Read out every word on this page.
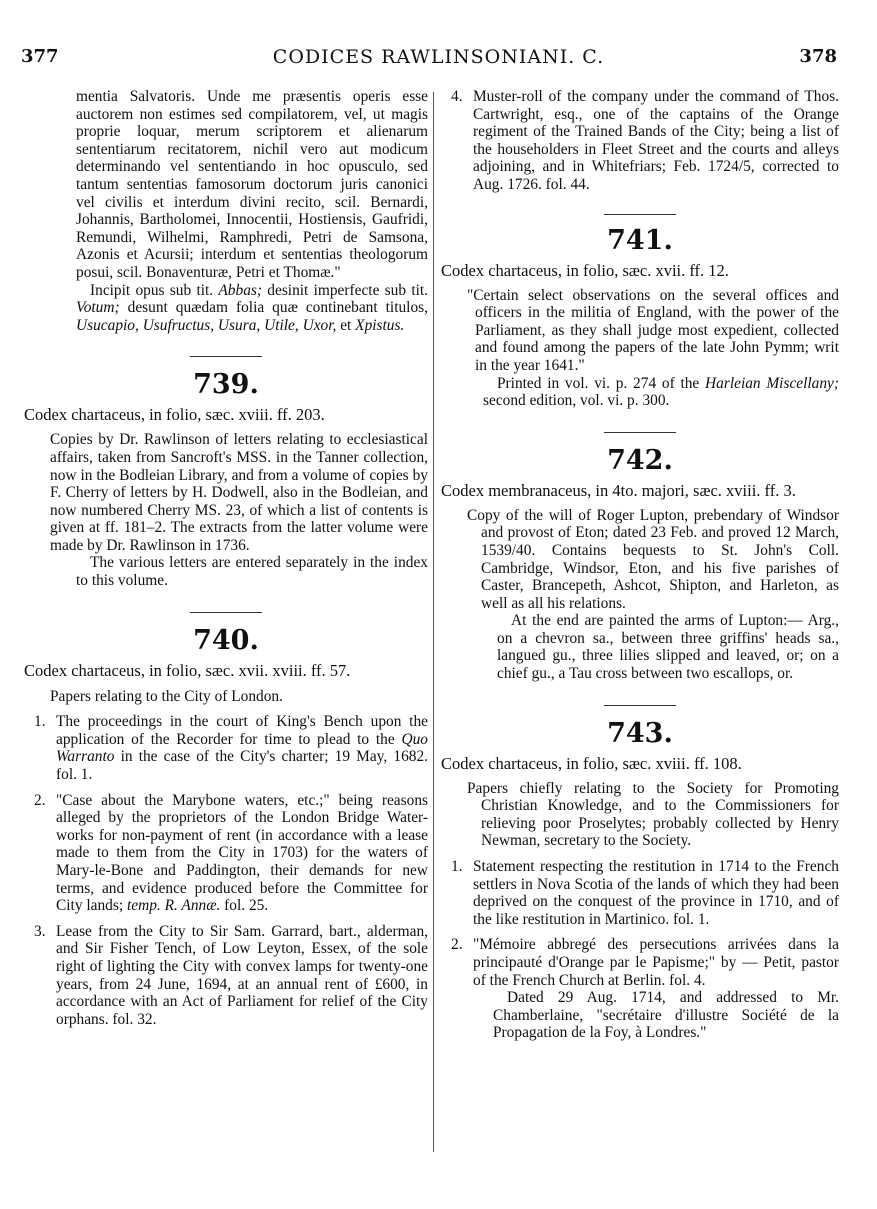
377	CODICES RAWLINSONIANI. C.	378

mentia Salvatoris. Unde me præsentis operis esse auctorem non estimes sed compilatorem, vel, ut magis proprie loquar, merum scriptorem et alienarum sententiarum recitatorem, nichil vero aut modicum determinando vel sententiando in hoc opusculo, sed tantum sententias famosorum doctorum juris canonici vel civilis et interdum divini recito, scil. Bernardi, Johannis, Bartholomei, Innocentii, Hostiensis, Gaufridi, Remundi, Wilhelmi, Ramphredi, Petri de Samsona, Azonis et Acursii; interdum et sententias theologorum posui, scil. Bonaventuræ, Petri et Thomæ."

Incipit opus sub tit. Abbas; desinit imperfecte sub tit. Votum; desunt quædam folia quæ continebant titulos, Usucapio, Usufructus, Usura, Utile, Uxor, et Xpistus.

739.

Codex chartaceus, in folio, sæc. xviii. ff. 203.

Copies by Dr. Rawlinson of letters relating to ecclesiastical affairs, taken from Sancroft's MSS. in the Tanner collection, now in the Bodleian Library, and from a volume of copies by F. Cherry of letters by H. Dodwell, also in the Bodleian, and now numbered Cherry MS. 23, of which a list of contents is given at ff. 181–2. The extracts from the latter volume were made by Dr. Rawlinson in 1736.

The various letters are entered separately in the index to this volume.

740.

Codex chartaceus, in folio, sæc. xvii. xviii. ff. 57.

Papers relating to the City of London.

1. The proceedings in the court of King's Bench upon the application of the Recorder for time to plead to the Quo Warranto in the case of the City's charter; 19 May, 1682. fol. 1.

2. "Case about the Marybone waters, etc.;" being reasons alleged by the proprietors of the London Bridge Water-works for non-payment of rent (in accordance with a lease made to them from the City in 1703) for the waters of Mary-le-Bone and Paddington, their demands for new terms, and evidence produced before the Committee for City lands; temp. R. Annæ. fol. 25.

3. Lease from the City to Sir Sam. Garrard, bart., alderman, and Sir Fisher Tench, of Low Leyton, Essex, of the sole right of lighting the City with convex lamps for twenty-one years, from 24 June, 1694, at an annual rent of £600, in accordance with an Act of Parliament for relief of the City orphans. fol. 32.

4. Muster-roll of the company under the command of Thos. Cartwright, esq., one of the captains of the Orange regiment of the Trained Bands of the City; being a list of the householders in Fleet Street and the courts and alleys adjoining, and in Whitefriars; Feb. 1724/5, corrected to Aug. 1726. fol. 44.

741.

Codex chartaceus, in folio, sæc. xvii. ff. 12.

"Certain select observations on the several offices and officers in the militia of England, with the power of the Parliament, as they shall judge most expedient, collected and found among the papers of the late John Pymm; writ in the year 1641."

Printed in vol. vi. p. 274 of the Harleian Miscellany; second edition, vol. vi. p. 300.

742.

Codex membranaceus, in 4to. majori, sæc. xviii. ff. 3.

Copy of the will of Roger Lupton, prebendary of Windsor and provost of Eton; dated 23 Feb. and proved 12 March, 1539/40. Contains bequests to St. John's Coll. Cambridge, Windsor, Eton, and his five parishes of Caster, Brancepeth, Ashcot, Shipton, and Harleton, as well as all his relations.

At the end are painted the arms of Lupton:— Arg., on a chevron sa., between three griffins' heads sa., langued gu., three lilies slipped and leaved, or; on a chief gu., a Tau cross between two escallops, or.

743.

Codex chartaceus, in folio, sæc. xviii. ff. 108.

Papers chiefly relating to the Society for Promoting Christian Knowledge, and to the Commissioners for relieving poor Proselytes; probably collected by Henry Newman, secretary to the Society.

1. Statement respecting the restitution in 1714 to the French settlers in Nova Scotia of the lands of which they had been deprived on the conquest of the province in 1710, and of the like restitution in Martinico. fol. 1.

2. "Mémoire abbregé des persecutions arrivées dans la principauté d'Orange par le Papisme;" by — Petit, pastor of the French Church at Berlin. fol. 4.

Dated 29 Aug. 1714, and addressed to Mr. Chamberlaine, "secrétaire d'illustre Société de la Propagation de la Foy, à Londres."
